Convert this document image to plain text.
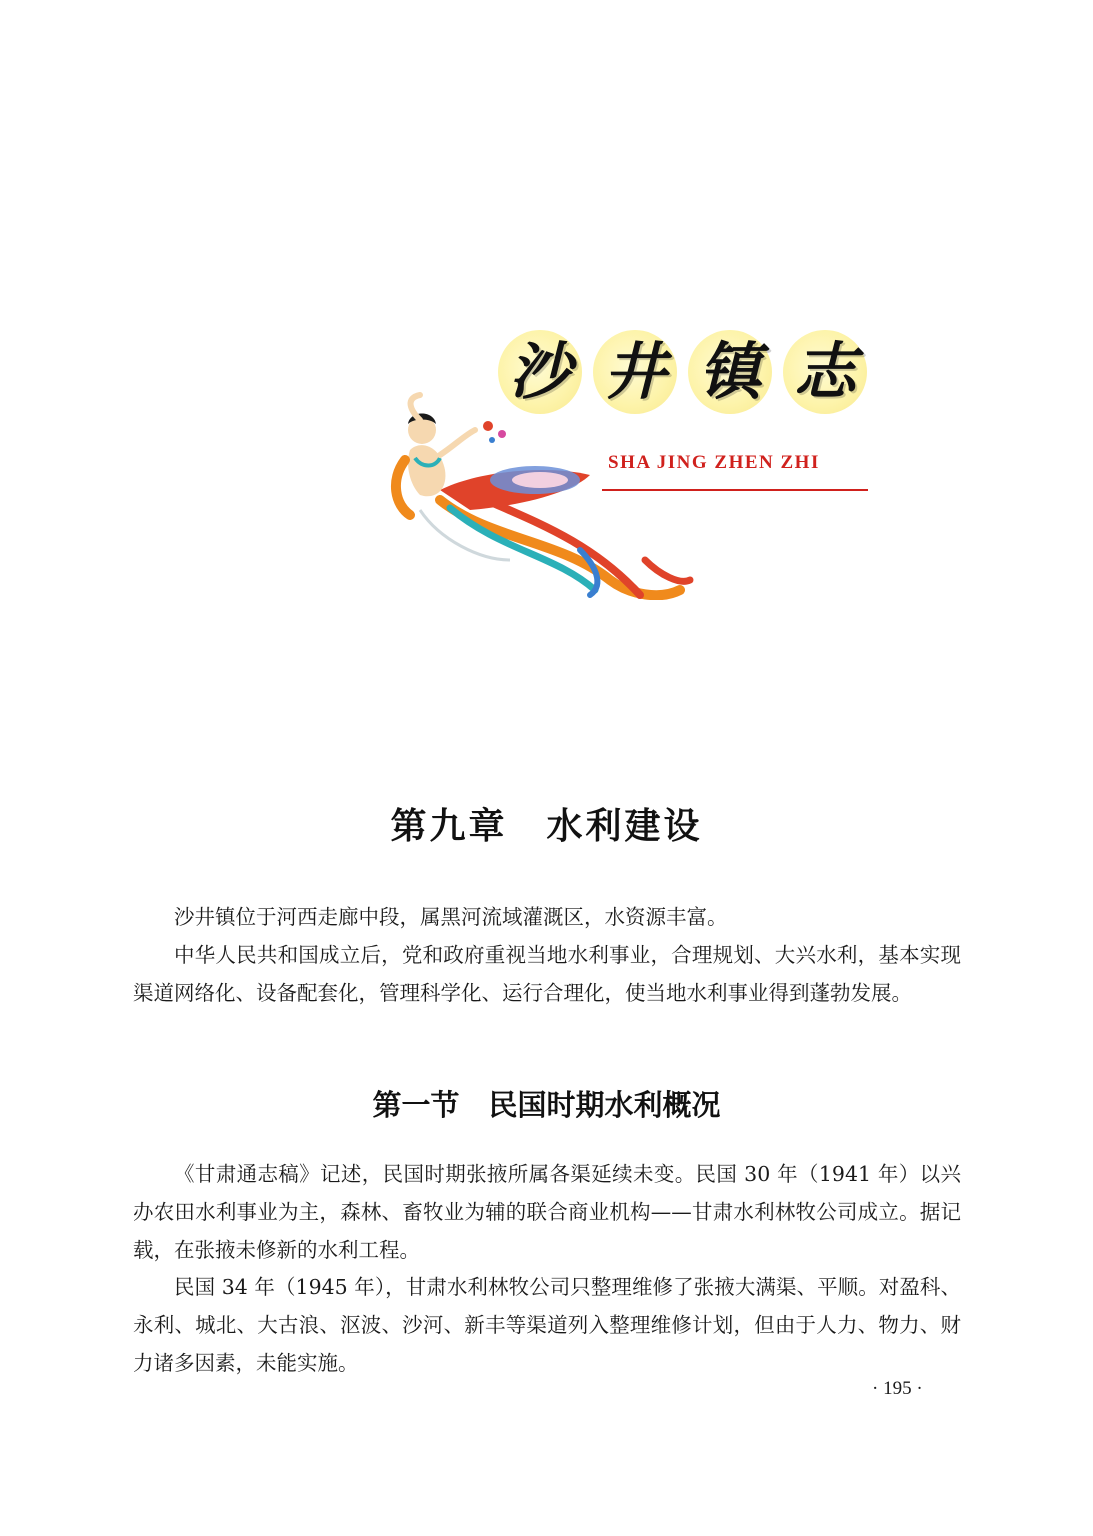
沙 井 镇 志
SHA JING ZHEN ZHI
第九章　水利建设

沙井镇位于河西走廊中段，属黑河流域灌溉区，水资源丰富。

中华人民共和国成立后，党和政府重视当地水利事业，合理规划、大兴水利，基本实现渠道网络化、设备配套化，管理科学化、运行合理化，使当地水利事业得到蓬勃发展。

第一节　民国时期水利概况

《甘肃通志稿》记述，民国时期张掖所属各渠延续未变。民国 30 年（1941 年）以兴办农田水利事业为主，森林、畜牧业为辅的联合商业机构——甘肃水利林牧公司成立。据记载，在张掖未修新的水利工程。

民国 34 年（1945 年），甘肃水利林牧公司只整理维修了张掖大满渠、平顺。对盈科、永利、城北、大古浪、沤波、沙河、新丰等渠道列入整理维修计划，但由于人力、物力、财力诸多因素，未能实施。

· 195 ·
